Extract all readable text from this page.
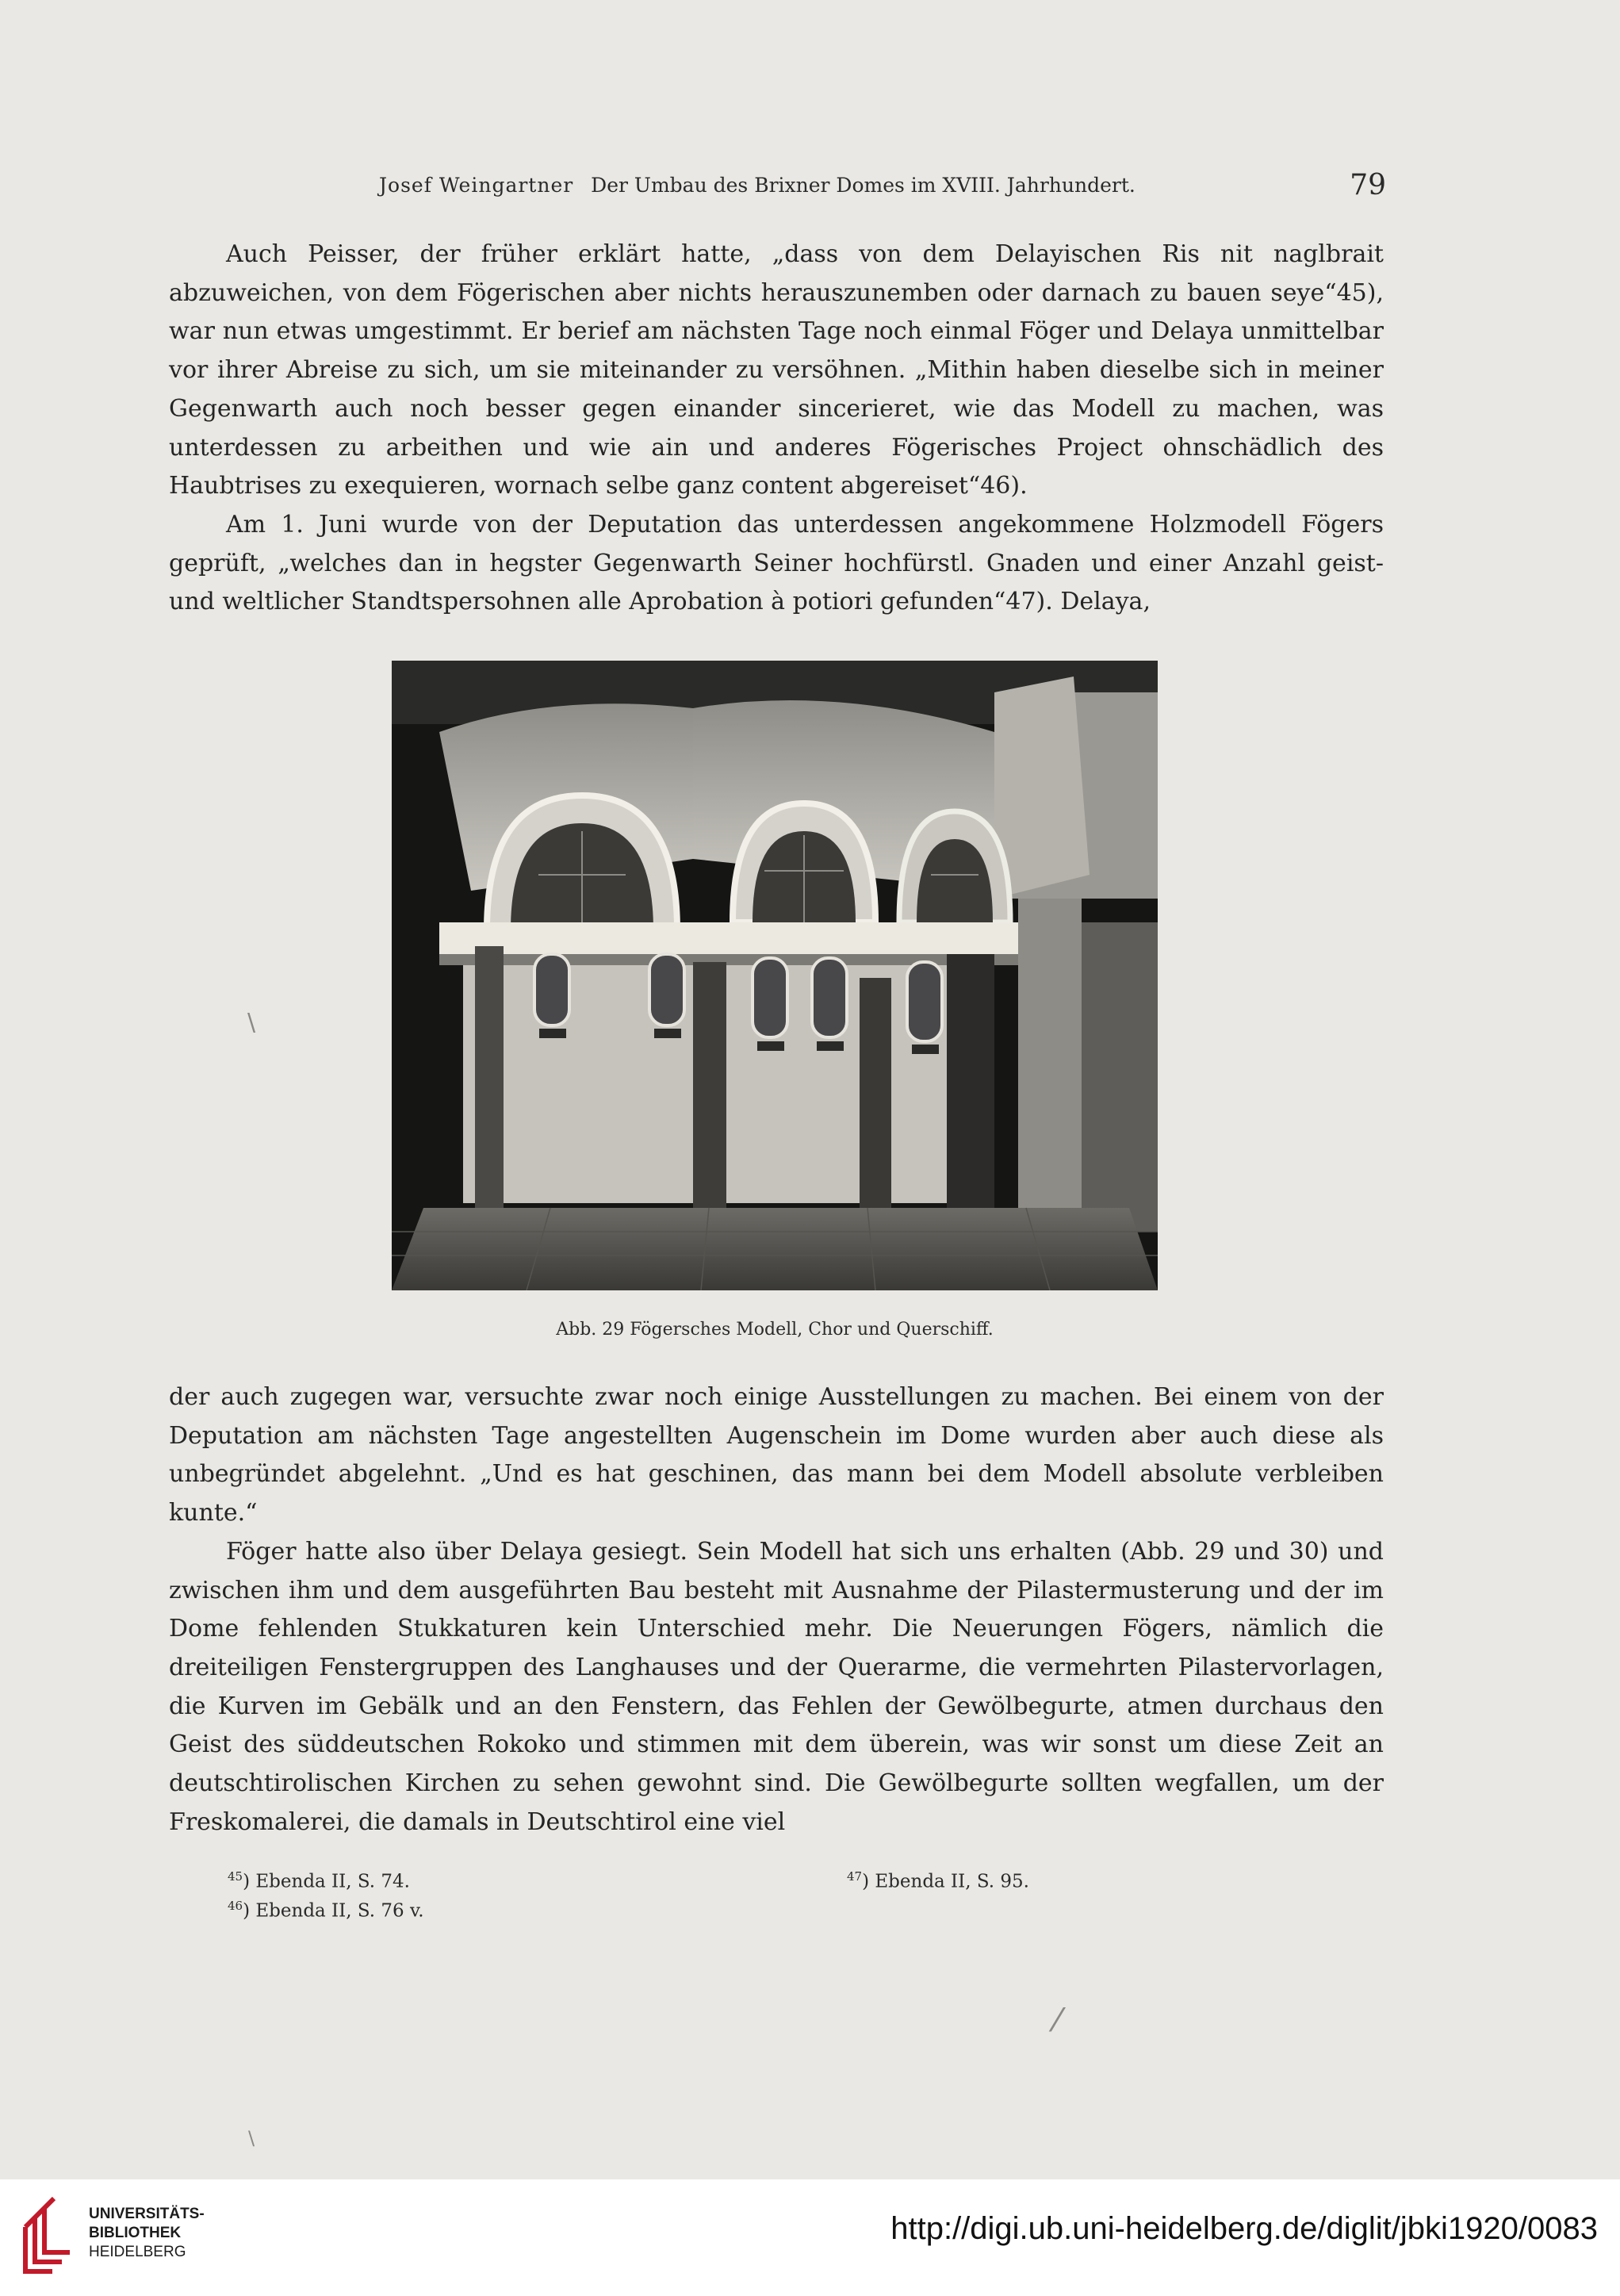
Josef Weingartner Der Umbau des Brixner Domes im XVIII. Jahrhundert.	79

Auch Peisser, der früher erklärt hatte, „dass von dem Delayischen Ris nit naglbrait abzuweichen, von dem Fögerischen aber nichts herauszunemben oder darnach zu bauen seye“45), war nun etwas umgestimmt. Er berief am nächsten Tage noch einmal Föger und Delaya unmittelbar vor ihrer Abreise zu sich, um sie miteinander zu versöhnen. „Mithin haben dieselbe sich in meiner Gegenwarth auch noch besser gegen einander sincerieret, wie das Modell zu machen, was unterdessen zu arbeithen und wie ain und anderes Fögerisches Project ohnschädlich des Haubtrises zu exequieren, wornach selbe ganz content abgereiset“46).

Am 1. Juni wurde von der Deputation das unterdessen angekommene Holzmodell Fögers geprüft, „welches dan in hegster Gegenwarth Seiner hochfürstl. Gnaden und einer Anzahl geist- und weltlicher Standtspersohnen alle Aprobation à potiori gefunden“47). Delaya,

Abb. 29 Fögersches Modell, Chor und Querschiff.

der auch zugegen war, versuchte zwar noch einige Ausstellungen zu machen. Bei einem von der Deputation am nächsten Tage angestellten Augenschein im Dome wurden aber auch diese als unbegründet abgelehnt. „Und es hat geschinen, das mann bei dem Modell absolute verbleiben kunte.“

Föger hatte also über Delaya gesiegt. Sein Modell hat sich uns erhalten (Abb. 29 und 30) und zwischen ihm und dem ausgeführten Bau besteht mit Ausnahme der Pilastermusterung und der im Dome fehlenden Stukkaturen kein Unterschied mehr. Die Neuerungen Fögers, nämlich die dreiteiligen Fenstergruppen des Langhauses und der Querarme, die vermehrten Pilastervorlagen, die Kurven im Gebälk und an den Fenstern, das Fehlen der Gewölbegurte, atmen durchaus den Geist des süddeutschen Rokoko und stimmen mit dem überein, was wir sonst um diese Zeit an deutschtirolischen Kirchen zu sehen gewohnt sind. Die Gewölbegurte sollten wegfallen, um der Freskomalerei, die damals in Deutschtirol eine viel

$^{45}$) Ebenda II, S. 74.
$^{46}$) Ebenda II, S. 76 v.
$^{47}$) Ebenda II, S. 95.
\
⁄
\
UNIVERSITÄTS-
BIBLIOTHEK
HEIDELBERG
http://digi.ub.uni-heidelberg.de/diglit/jbki1920/0083
